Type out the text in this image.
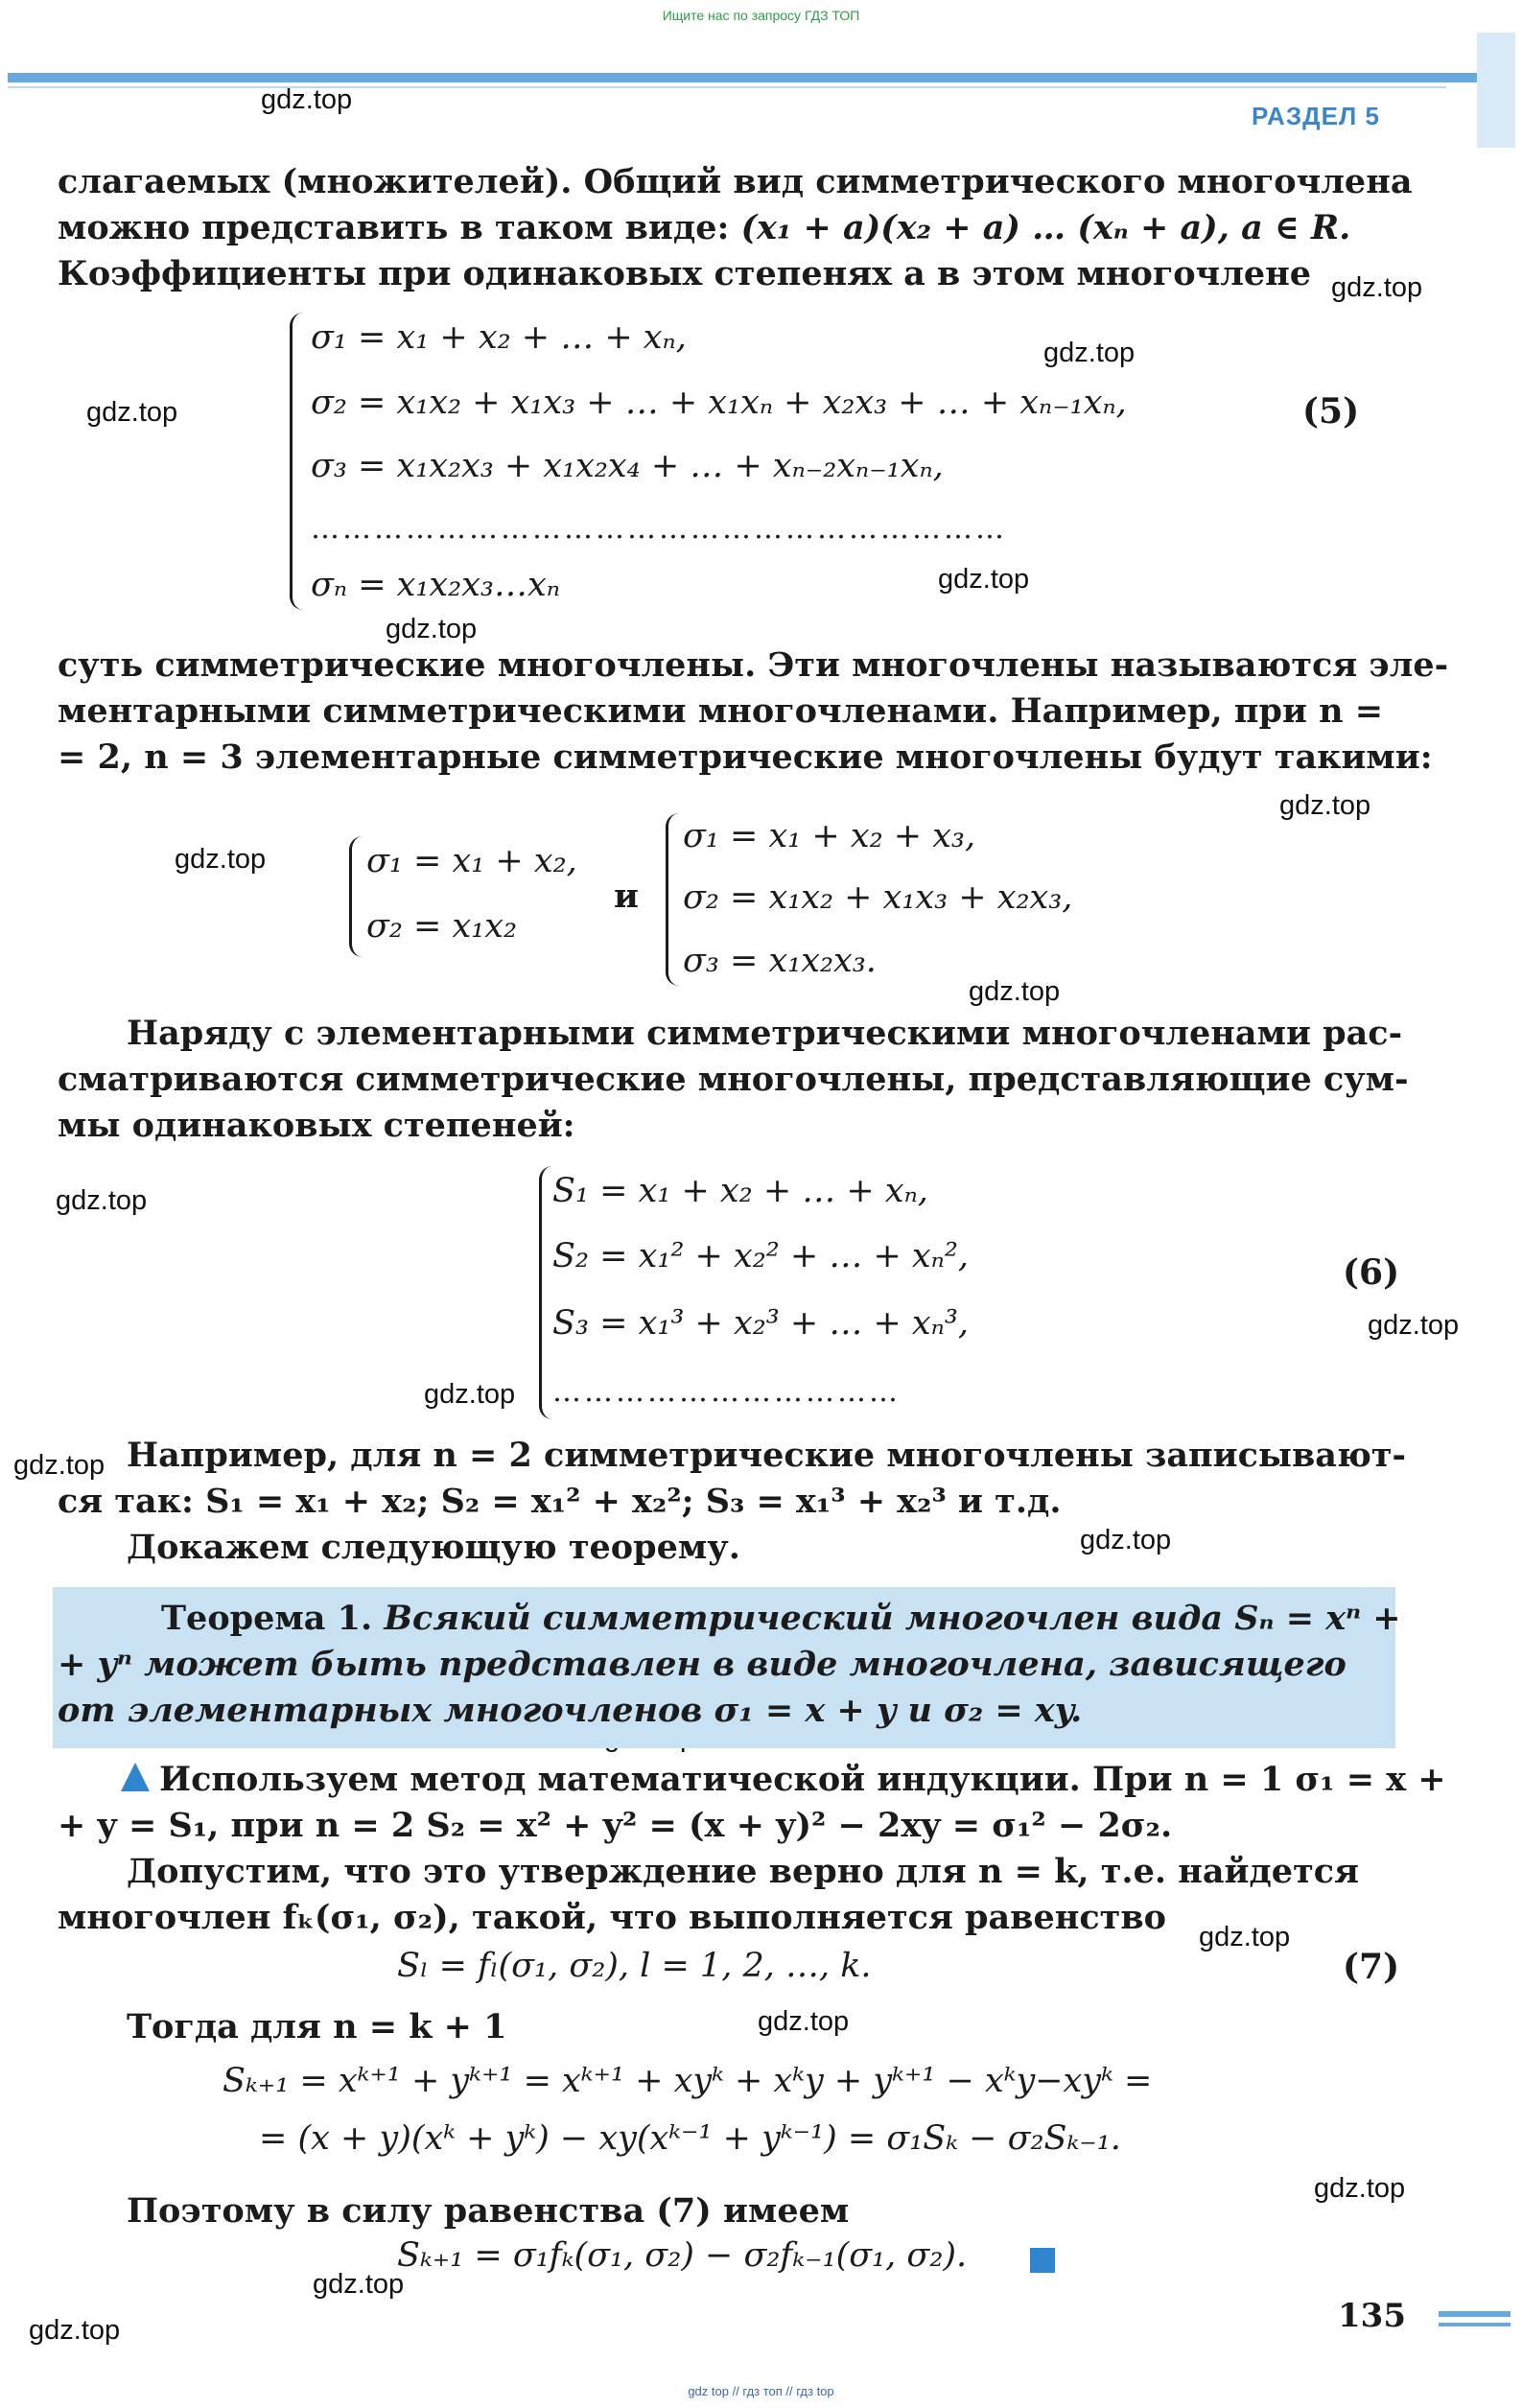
Ищите нас по запросу ГДЗ ТОП
РАЗДЕЛ 5
gdz.top
gdz.top
gdz.top
gdz.top
gdz.top
gdz.top
gdz.top
gdz.top
gdz.top
gdz.top
gdz.top
gdz.top
gdz.top
gdz.top
gdz.top
gdz.top
gdz.top
gdz.top
gdz.top
слагаемых (множителей). Общий вид симметрического многочлена
можно представить в таком виде: (x₁ + a)(x₂ + a) … (xₙ + a), a ∈ R.
Коэффициенты при одинаковых степенях a в этом многочлене
σ₁ = x₁ + x₂ + … + xₙ,
σ₂ = x₁x₂ + x₁x₃ + … + x₁xₙ + x₂x₃ + … + xₙ₋₁xₙ,
σ₃ = x₁x₂x₃ + x₁x₂x₄ + … + xₙ₋₂xₙ₋₁xₙ,
…………………………………………………………
σₙ = x₁x₂x₃…xₙ
(5)
суть симметрические многочлены. Эти многочлены называются эле-
ментарными симметрическими многочленами. Например, при n =
= 2, n = 3 элементарные симметрические многочлены будут такими:
σ₁ = x₁ + x₂,
σ₂ = x₁x₂
и
σ₁ = x₁ + x₂ + x₃,
σ₂ = x₁x₂ + x₁x₃ + x₂x₃,
σ₃ = x₁x₂x₃.
Наряду с элементарными симметрическими многочленами рас-
сматриваются симметрические многочлены, представляющие сум-
мы одинаковых степеней:
S₁ = x₁ + x₂ + … + xₙ,
S₂ = x₁² + x₂² + … + xₙ²,
S₃ = x₁³ + x₂³ + … + xₙ³,
……………………………
(6)
Например, для n = 2 симметрические многочлены записывают-
ся так: S₁ = x₁ + x₂; S₂ = x₁² + x₂²; S₃ = x₁³ + x₂³ и т.д.
Докажем следующую теорему.
Теорема 1. Всякий симметрический многочлен вида Sₙ = xⁿ +
+ yⁿ может быть представлен в виде многочлена, зависящего
от элементарных многочленов σ₁ = x + y и σ₂ = xy.
Используем метод математической индукции. При n = 1 σ₁ = x +
+ y = S₁, при n = 2 S₂ = x² + y² = (x + y)² − 2xy = σ₁² − 2σ₂.
Допустим, что это утверждение верно для n = k, т.е. найдется
многочлен fₖ(σ₁, σ₂), такой, что выполняется равенство
Sₗ = fₗ(σ₁, σ₂), l = 1, 2, …, k.	(7)
Тогда для n = k + 1
Sₖ₊₁ = xᵏ⁺¹ + yᵏ⁺¹ = xᵏ⁺¹ + xyᵏ + xᵏy + yᵏ⁺¹ − xᵏy−xyᵏ =
= (x + y)(xᵏ + yᵏ) − xy(xᵏ⁻¹ + yᵏ⁻¹) = σ₁Sₖ − σ₂Sₖ₋₁.
Поэтому в силу равенства (7) имеем
Sₖ₊₁ = σ₁fₖ(σ₁, σ₂) − σ₂fₖ₋₁(σ₁, σ₂).
135
gdz top // гдз топ // гдз top
